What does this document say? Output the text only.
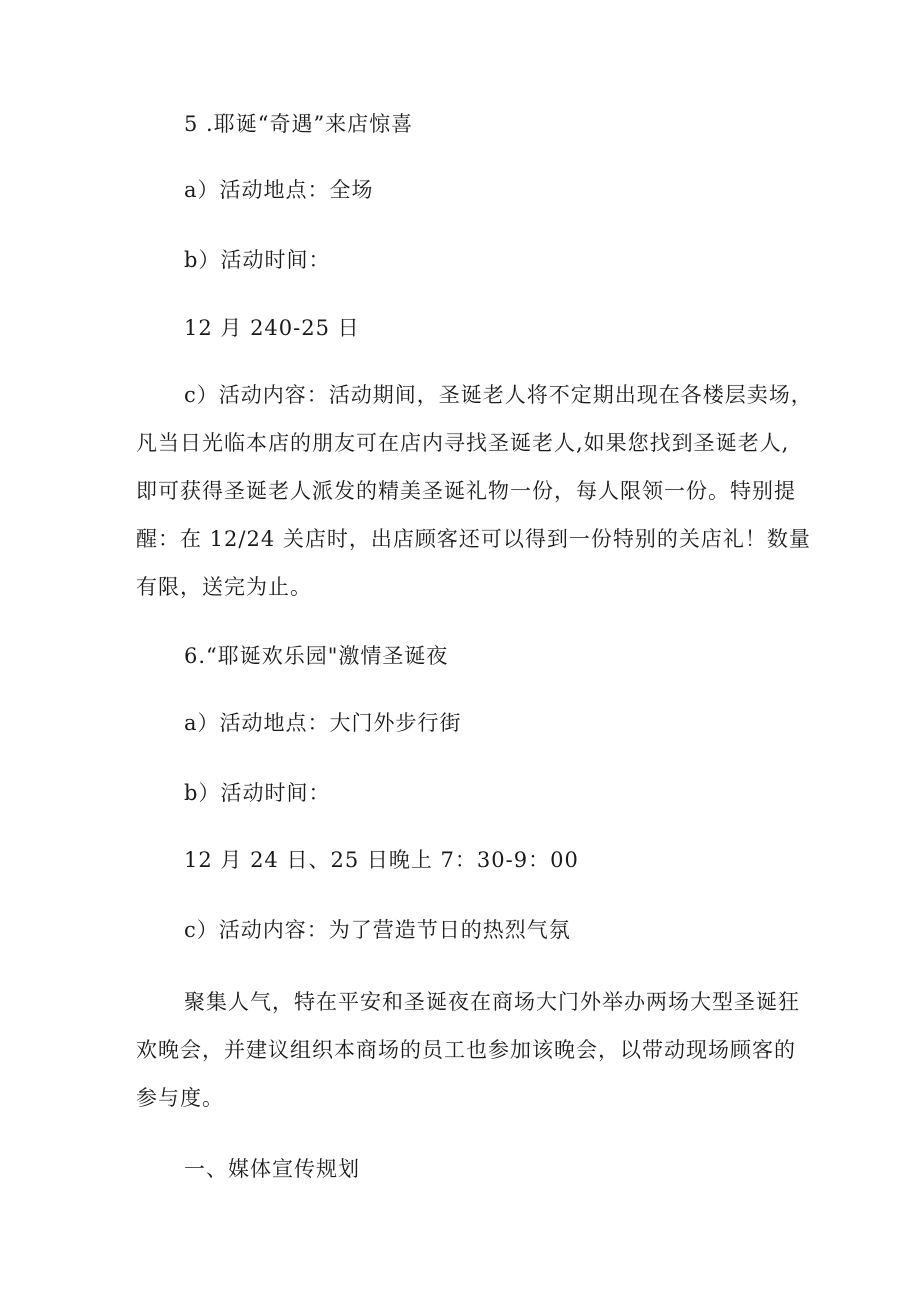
5 .耶诞“奇遇”来店惊喜
a）活动地点：全场
b）活动时间：
12 月 240-25 日
c）活动内容：活动期间，圣诞老人将不定期出现在各楼层卖场，
凡当日光临本店的朋友可在店内寻找圣诞老人,如果您找到圣诞老人,
即可获得圣诞老人派发的精美圣诞礼物一份，每人限领一份。特别提
醒：在 12/24 关店时，出店顾客还可以得到一份特别的关店礼！数量
有限，送完为止。
6.“耶诞欢乐园"激情圣诞夜
a）活动地点：大门外步行街
b）活动时间：
12 月 24 日、25 日晚上 7：30-9：00
c）活动内容：为了营造节日的热烈气氛
聚集人气，特在平安和圣诞夜在商场大门外举办两场大型圣诞狂
欢晚会，并建议组织本商场的员工也参加该晚会，以带动现场顾客的
参与度。
一、媒体宣传规划
